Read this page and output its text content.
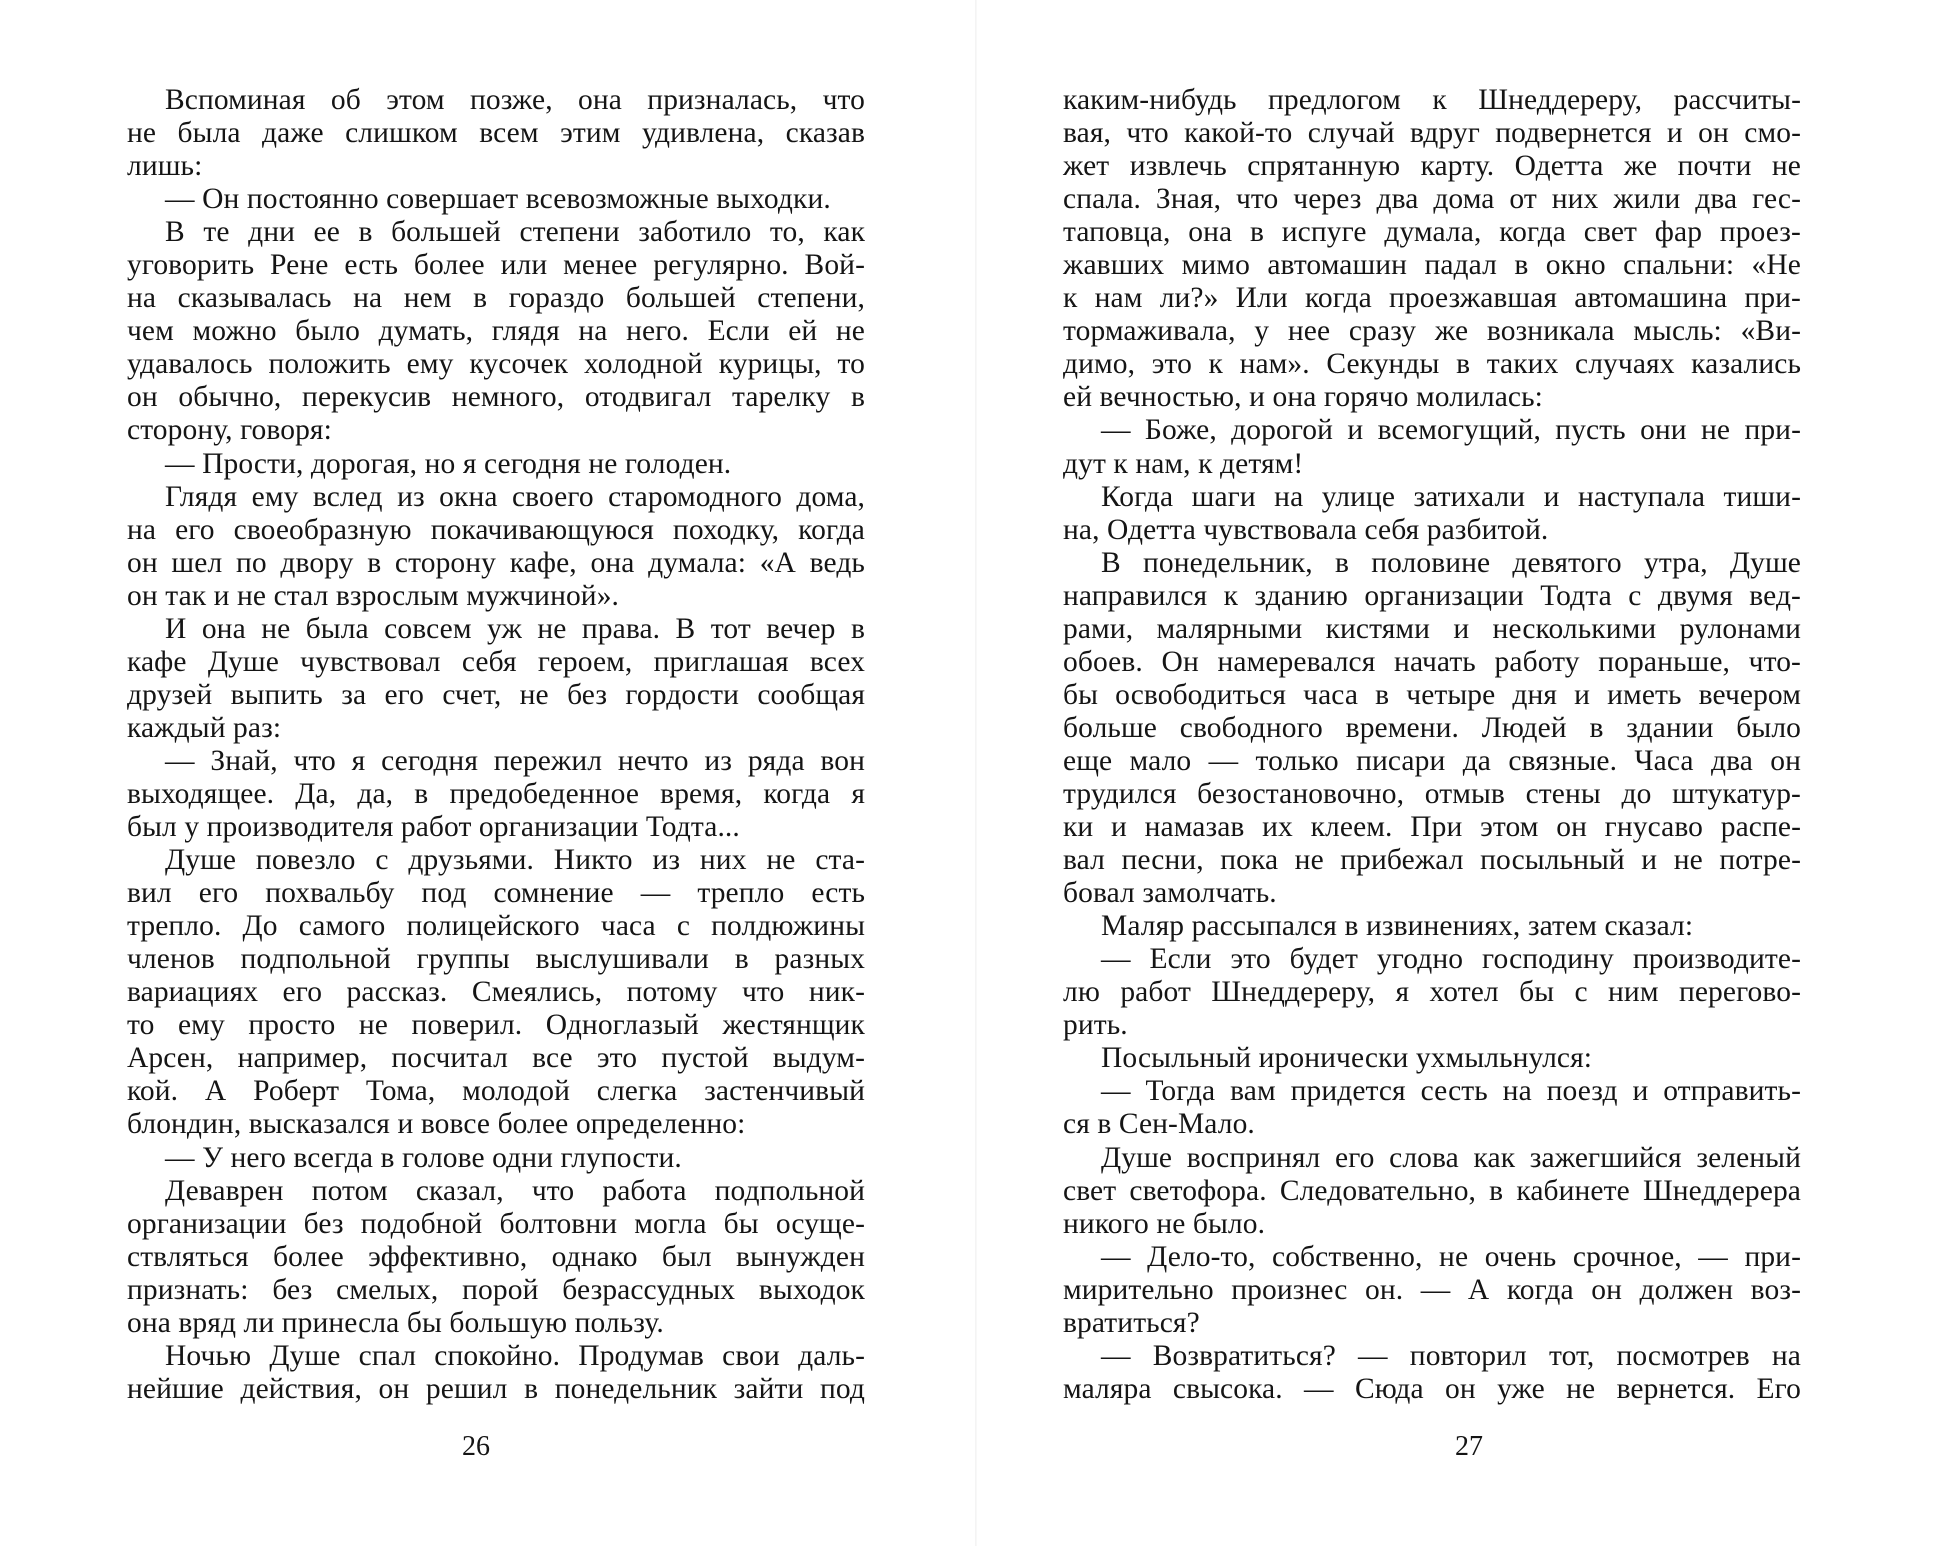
Вспоминая об этом позже, она призналась, что
не была даже слишком всем этим удивлена, сказав
лишь:
— Он постоянно совершает всевозможные выходки.
В те дни ее в большей степени заботило то, как
уговорить Рене есть более или менее регулярно. Вой-
на сказывалась на нем в гораздо большей степени,
чем можно было думать, глядя на него. Если ей не
удавалось положить ему кусочек холодной курицы, то
он обычно, перекусив немного, отодвигал тарелку в
сторону, говоря:
— Прости, дорогая, но я сегодня не голоден.
Глядя ему вслед из окна своего старомодного дома,
на его своеобразную покачивающуюся походку, когда
он шел по двору в сторону кафе, она думала: «А ведь
он так и не стал взрослым мужчиной».
И она не была совсем уж не права. В тот вечер в
кафе Душе чувствовал себя героем, приглашая всех
друзей выпить за его счет, не без гордости сообщая
каждый раз:
— Знай, что я сегодня пережил нечто из ряда вон
выходящее. Да, да, в предобеденное время, когда я
был у производителя работ организации Тодта...
Душе повезло с друзьями. Никто из них не ста-
вил его похвальбу под сомнение — трепло есть
трепло. До самого полицейского часа с полдюжины
членов подпольной группы выслушивали в разных
вариациях его рассказ. Смеялись, потому что ник-
то ему просто не поверил. Одноглазый жестянщик
Арсен, например, посчитал все это пустой выдум-
кой. А Роберт Тома, молодой слегка застенчивый
блондин, высказался и вовсе более определенно:
— У него всегда в голове одни глупости.
Деваврен потом сказал, что работа подпольной
организации без подобной болтовни могла бы осуще-
ствляться более эффективно, однако был вынужден
признать: без смелых, порой безрассудных выходок
она вряд ли принесла бы большую пользу.
Ночью Душе спал спокойно. Продумав свои даль-
нейшие действия, он решил в понедельник зайти под
26
каким-нибудь предлогом к Шнеддереру, рассчиты-
вая, что какой-то случай вдруг подвернется и он смо-
жет извлечь спрятанную карту. Одетта же почти не
спала. Зная, что через два дома от них жили два гес-
таповца, она в испуге думала, когда свет фар проез-
жавших мимо автомашин падал в окно спальни: «Не
к нам ли?» Или когда проезжавшая автомашина при-
тормаживала, у нее сразу же возникала мысль: «Ви-
димо, это к нам». Секунды в таких случаях казались
ей вечностью, и она горячо молилась:
— Боже, дорогой и всемогущий, пусть они не при-
дут к нам, к детям!
Когда шаги на улице затихали и наступала тиши-
на, Одетта чувствовала себя разбитой.
В понедельник, в половине девятого утра, Душе
направился к зданию организации Тодта с двумя вед-
рами, малярными кистями и несколькими рулонами
обоев. Он намеревался начать работу пораньше, что-
бы освободиться часа в четыре дня и иметь вечером
больше свободного времени. Людей в здании было
еще мало — только писари да связные. Часа два он
трудился безостановочно, отмыв стены до штукатур-
ки и намазав их клеем. При этом он гнусаво распе-
вал песни, пока не прибежал посыльный и не потре-
бовал замолчать.
Маляр рассыпался в извинениях, затем сказал:
— Если это будет угодно господину производите-
лю работ Шнеддереру, я хотел бы с ним перегово-
рить.
Посыльный иронически ухмыльнулся:
— Тогда вам придется сесть на поезд и отправить-
ся в Сен-Мало.
Душе воспринял его слова как зажегшийся зеленый
свет светофора. Следовательно, в кабинете Шнеддерера
никого не было.
— Дело-то, собственно, не очень срочное, — при-
мирительно произнес он. — А когда он должен воз-
вратиться?
— Возвратиться? — повторил тот, посмотрев на
маляра свысока. — Сюда он уже не вернется. Его
27
